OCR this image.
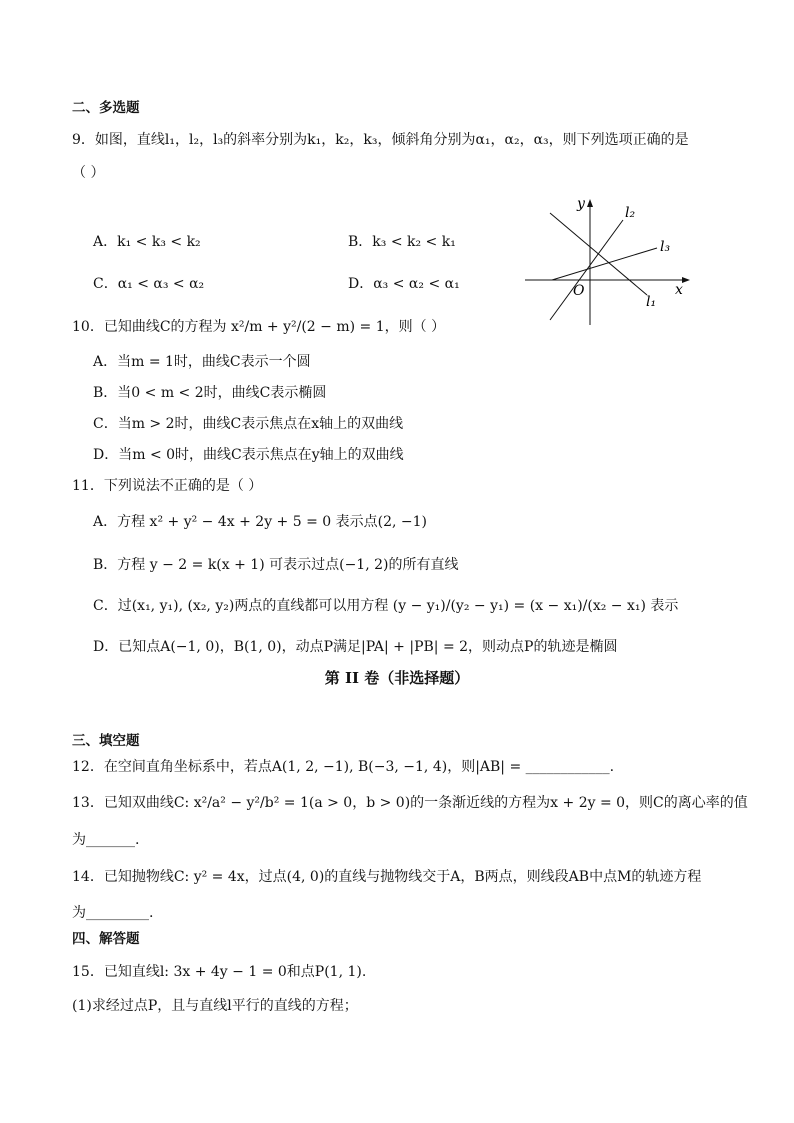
二、多选题
9．如图，直线l₁，l₂，l₃的斜率分别为k₁，k₂，k₃，倾斜角分别为α₁，α₂，α₃，则下列选项正确的是
（ ）
A．k₁ < k₃ < k₂	B．k₃ < k₂ < k₁
C．α₁ < α₃ < α₂	D．α₃ < α₂ < α₁
y
x
O
l₂
l₃
l₁
10．已知曲线C的方程为 x²/m + y²/(2 − m) = 1，则（ ）
A．当m = 1时，曲线C表示一个圆
B．当0 < m < 2时，曲线C表示椭圆
C．当m > 2时，曲线C表示焦点在x轴上的双曲线
D．当m < 0时，曲线C表示焦点在y轴上的双曲线
11．下列说法不正确的是（ ）
A．方程 x² + y² − 4x + 2y + 5 = 0 表示点(2, −1)
B．方程 y − 2 = k(x + 1) 可表示过点(−1, 2)的所有直线
C．过(x₁, y₁), (x₂, y₂)两点的直线都可以用方程 (y − y₁)/(y₂ − y₁) = (x − x₁)/(x₂ − x₁) 表示
D．已知点A(−1, 0)，B(1, 0)，动点P满足|PA| + |PB| = 2，则动点P的轨迹是椭圆
第 II 卷（非选择题）
三、填空题
12．在空间直角坐标系中，若点A(1, 2, −1), B(−3, −1, 4)，则|AB| = ____________.
13．已知双曲线C: x²/a² − y²/b² = 1(a > 0，b > 0)的一条渐近线的方程为x + 2y = 0，则C的离心率的值
为_______.
14．已知抛物线C: y² = 4x，过点(4, 0)的直线与抛物线交于A，B两点，则线段AB中点M的轨迹方程
为_________.
四、解答题
15．已知直线l: 3x + 4y − 1 = 0和点P(1, 1).
(1)求经过点P，且与直线l平行的直线的方程；
